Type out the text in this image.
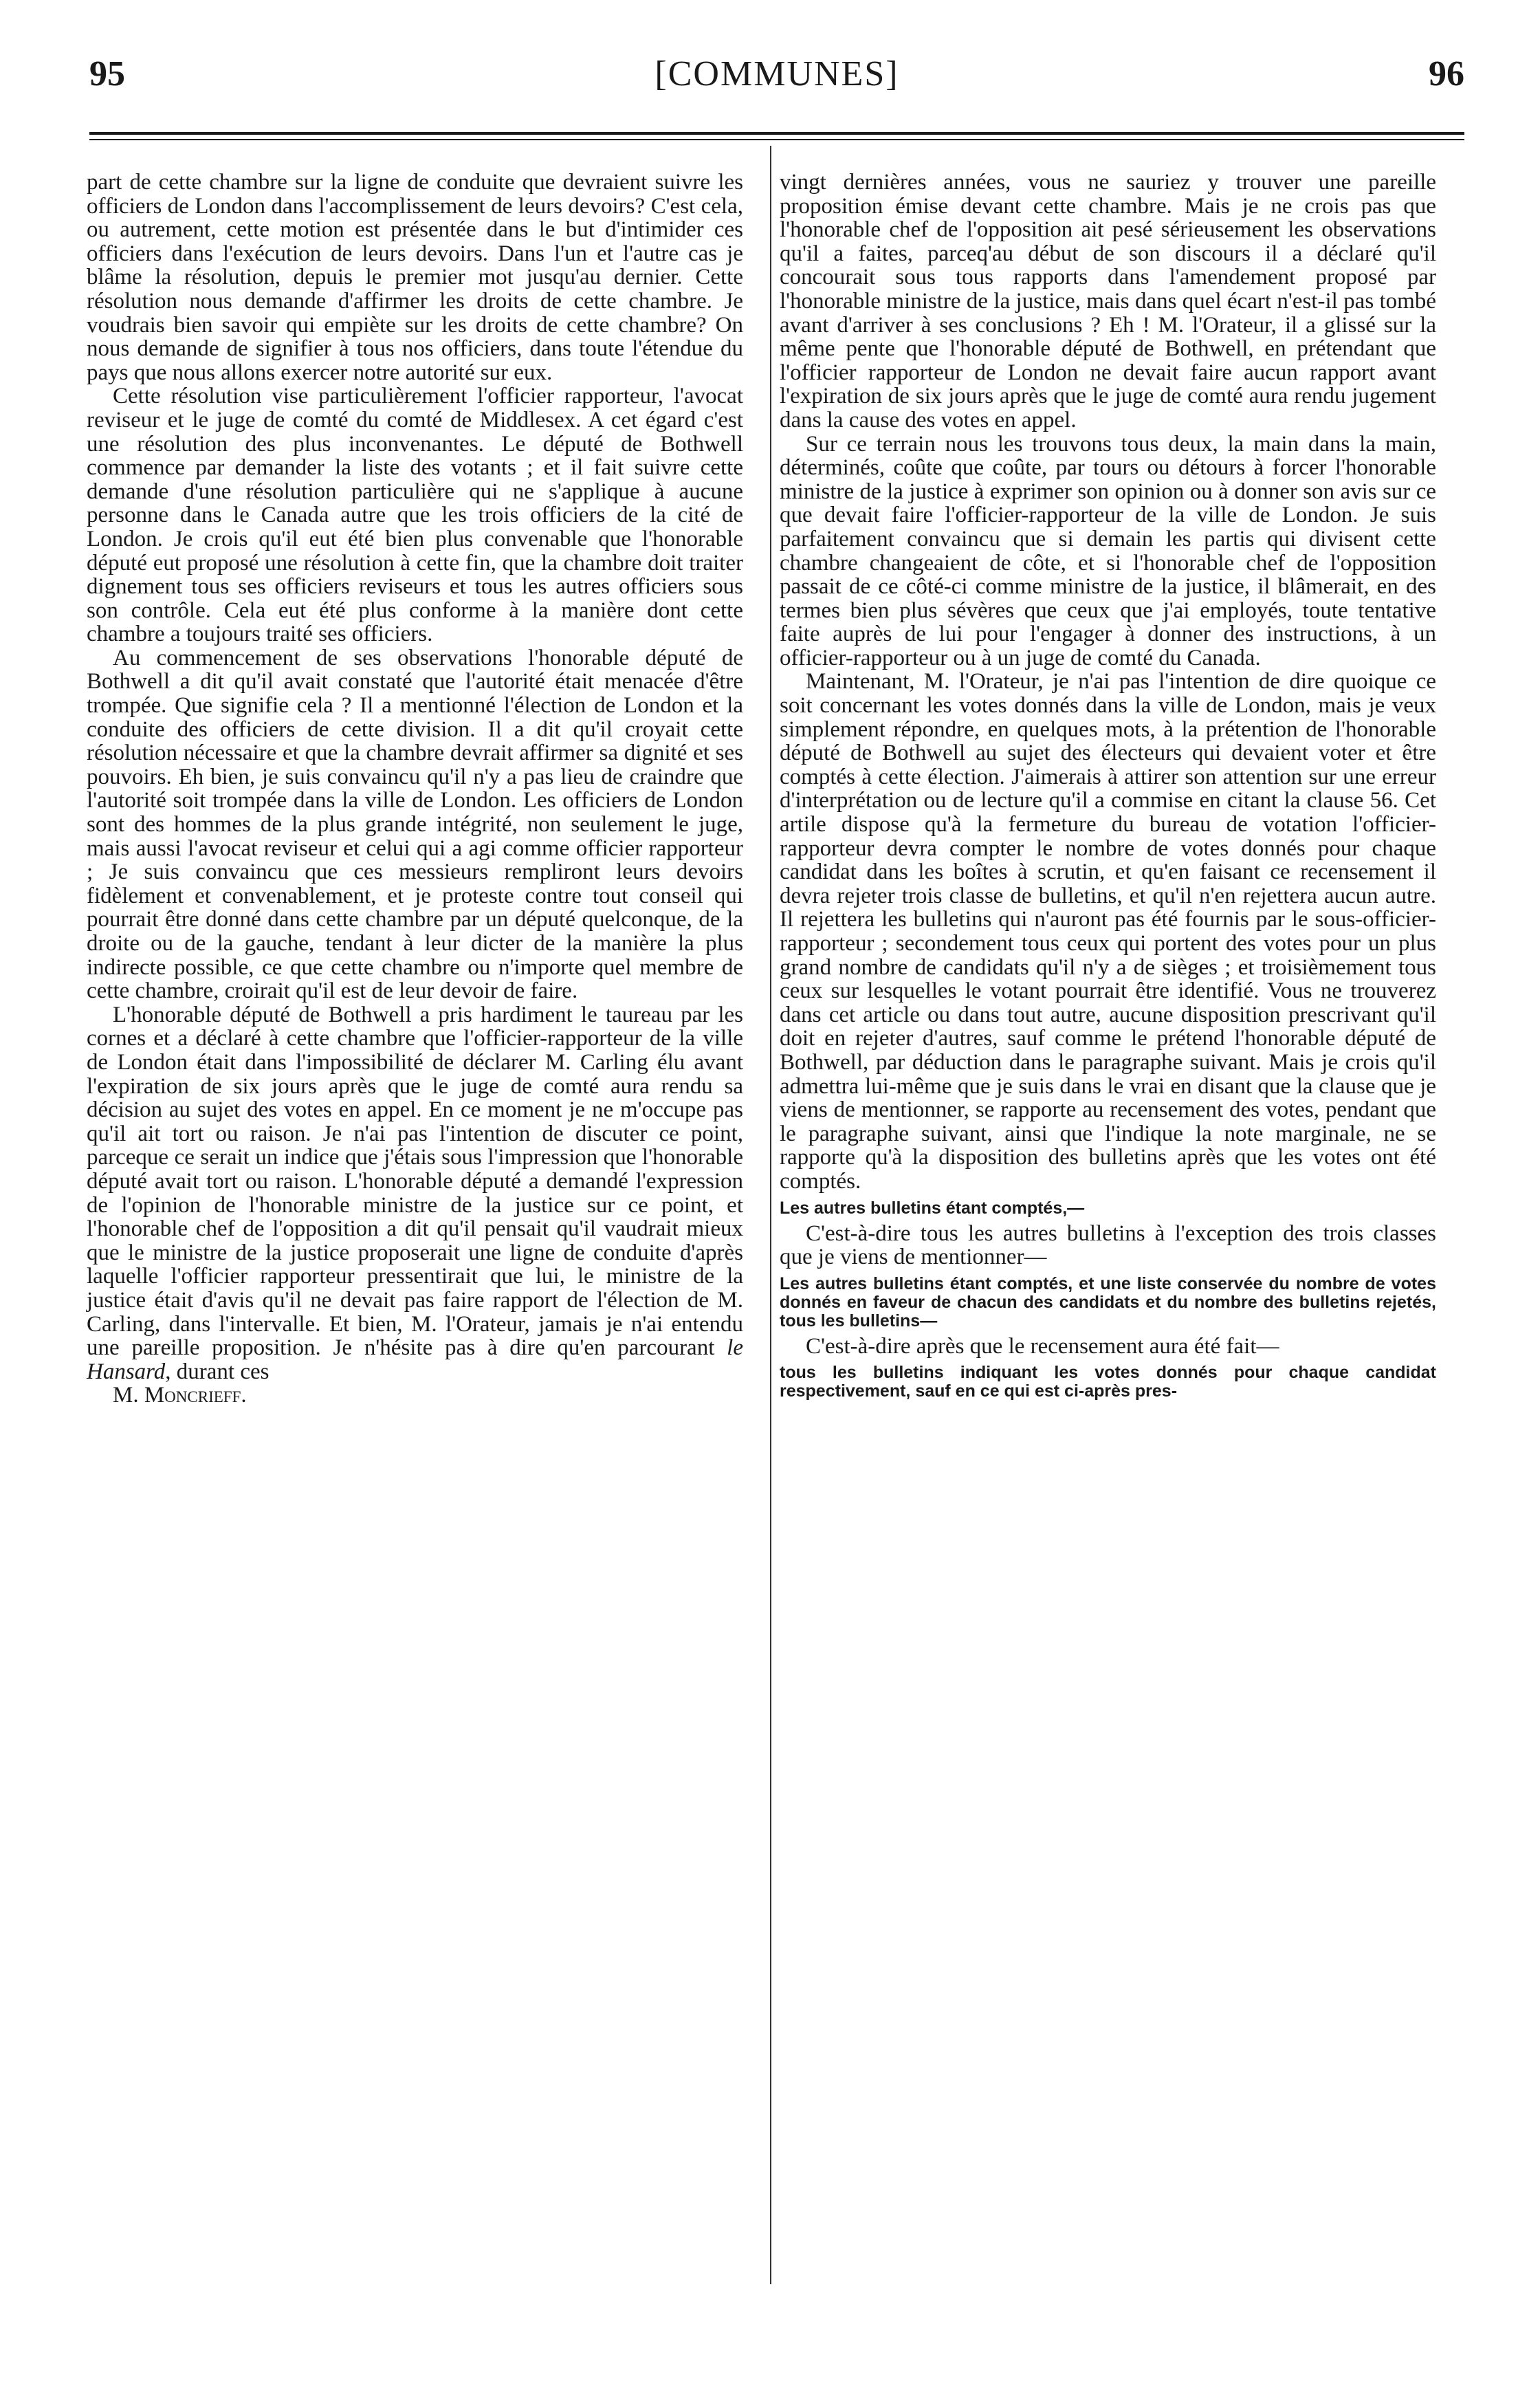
95	[COMMUNES]	96

part de cette chambre sur la ligne de conduite que devraient suivre les officiers de London dans l'accomplissement de leurs devoirs? C'est cela, ou autrement, cette motion est présentée dans le but d'intimider ces officiers dans l'exécution de leurs devoirs. Dans l'un et l'autre cas je blâme la résolution, depuis le premier mot jusqu'au dernier. Cette résolution nous demande d'affirmer les droits de cette chambre. Je voudrais bien savoir qui empiète sur les droits de cette chambre? On nous demande de signifier à tous nos officiers, dans toute l'étendue du pays que nous allons exercer notre autorité sur eux.

Cette résolution vise particulièrement l'officier rapporteur, l'avocat reviseur et le juge de comté du comté de Middlesex. A cet égard c'est une résolution des plus inconvenantes. Le député de Bothwell commence par demander la liste des votants ; et il fait suivre cette demande d'une résolution particulière qui ne s'applique à aucune personne dans le Canada autre que les trois officiers de la cité de London. Je crois qu'il eut été bien plus convenable que l'honorable député eut proposé une résolution à cette fin, que la chambre doit traiter dignement tous ses officiers reviseurs et tous les autres officiers sous son contrôle. Cela eut été plus conforme à la manière dont cette chambre a toujours traité ses officiers.

Au commencement de ses observations l'honorable député de Bothwell a dit qu'il avait constaté que l'autorité était menacée d'être trompée. Que signifie cela ? Il a mentionné l'élection de London et la conduite des officiers de cette division. Il a dit qu'il croyait cette résolution nécessaire et que la chambre devrait affirmer sa dignité et ses pouvoirs. Eh bien, je suis convaincu qu'il n'y a pas lieu de craindre que l'autorité soit trompée dans la ville de London. Les officiers de London sont des hommes de la plus grande intégrité, non seulement le juge, mais aussi l'avocat reviseur et celui qui a agi comme officier rapporteur ; Je suis convaincu que ces messieurs rempliront leurs devoirs fidèlement et convenablement, et je proteste contre tout conseil qui pourrait être donné dans cette chambre par un député quelconque, de la droite ou de la gauche, tendant à leur dicter de la manière la plus indirecte possible, ce que cette chambre ou n'importe quel membre de cette chambre, croirait qu'il est de leur devoir de faire.

L'honorable député de Bothwell a pris hardiment le taureau par les cornes et a déclaré à cette chambre que l'officier-rapporteur de la ville de London était dans l'impossibilité de déclarer M. Carling élu avant l'expiration de six jours après que le juge de comté aura rendu sa décision au sujet des votes en appel. En ce moment je ne m'occupe pas qu'il ait tort ou raison. Je n'ai pas l'intention de discuter ce point, parceque ce serait un indice que j'étais sous l'impression que l'honorable député avait tort ou raison. L'honorable député a demandé l'expression de l'opinion de l'honorable ministre de la justice sur ce point, et l'honorable chef de l'opposition a dit qu'il pensait qu'il vaudrait mieux que le ministre de la justice proposerait une ligne de conduite d'après laquelle l'officier rapporteur pressentirait que lui, le ministre de la justice était d'avis qu'il ne devait pas faire rapport de l'élection de M. Carling, dans l'intervalle. Et bien, M. l'Orateur, jamais je n'ai entendu une pareille proposition. Je n'hésite pas à dire qu'en parcourant le Hansard, durant ces

M. Moncrieff.

vingt dernières années, vous ne sauriez y trouver une pareille proposition émise devant cette chambre. Mais je ne crois pas que l'honorable chef de l'opposition ait pesé sérieusement les observations qu'il a faites, parceq'au début de son discours il a déclaré qu'il concourait sous tous rapports dans l'amendement proposé par l'honorable ministre de la justice, mais dans quel écart n'est-il pas tombé avant d'arriver à ses conclusions ? Eh ! M. l'Orateur, il a glissé sur la même pente que l'honorable député de Bothwell, en prétendant que l'officier rapporteur de London ne devait faire aucun rapport avant l'expiration de six jours après que le juge de comté aura rendu jugement dans la cause des votes en appel.

Sur ce terrain nous les trouvons tous deux, la main dans la main, déterminés, coûte que coûte, par tours ou détours à forcer l'honorable ministre de la justice à exprimer son opinion ou à donner son avis sur ce que devait faire l'officier-rapporteur de la ville de London. Je suis parfaitement convaincu que si demain les partis qui divisent cette chambre changeaient de côte, et si l'honorable chef de l'opposition passait de ce côté-ci comme ministre de la justice, il blâmerait, en des termes bien plus sévères que ceux que j'ai employés, toute tentative faite auprès de lui pour l'engager à donner des instructions, à un officier-rapporteur ou à un juge de comté du Canada.

Maintenant, M. l'Orateur, je n'ai pas l'intention de dire quoique ce soit concernant les votes donnés dans la ville de London, mais je veux simplement répondre, en quelques mots, à la prétention de l'honorable député de Bothwell au sujet des électeurs qui devaient voter et être comptés à cette élection. J'aimerais à attirer son attention sur une erreur d'interprétation ou de lecture qu'il a commise en citant la clause 56. Cet artile dispose qu'à la fermeture du bureau de votation l'officier-rapporteur devra compter le nombre de votes donnés pour chaque candidat dans les boîtes à scrutin, et qu'en faisant ce recensement il devra rejeter trois classe de bulletins, et qu'il n'en rejettera aucun autre. Il rejettera les bulletins qui n'auront pas été fournis par le sous-officier-rapporteur ; secondement tous ceux qui portent des votes pour un plus grand nombre de candidats qu'il n'y a de sièges ; et troisièmement tous ceux sur lesquelles le votant pourrait être identifié. Vous ne trouverez dans cet article ou dans tout autre, aucune disposition prescrivant qu'il doit en rejeter d'autres, sauf comme le prétend l'honorable député de Bothwell, par déduction dans le paragraphe suivant. Mais je crois qu'il admettra lui-même que je suis dans le vrai en disant que la clause que je viens de mentionner, se rapporte au recensement des votes, pendant que le paragraphe suivant, ainsi que l'indique la note marginale, ne se rapporte qu'à la disposition des bulletins après que les votes ont été comptés.

Les autres bulletins étant comptés,—

C'est-à-dire tous les autres bulletins à l'exception des trois classes que je viens de mentionner—

Les autres bulletins étant comptés, et une liste conservée du nombre de votes donnés en faveur de chacun des candidats et du nombre des bulletins rejetés, tous les bulletins—

C'est-à-dire après que le recensement aura été fait—

tous les bulletins indiquant les votes donnés pour chaque candidat respectivement, sauf en ce qui est ci-après pres-
